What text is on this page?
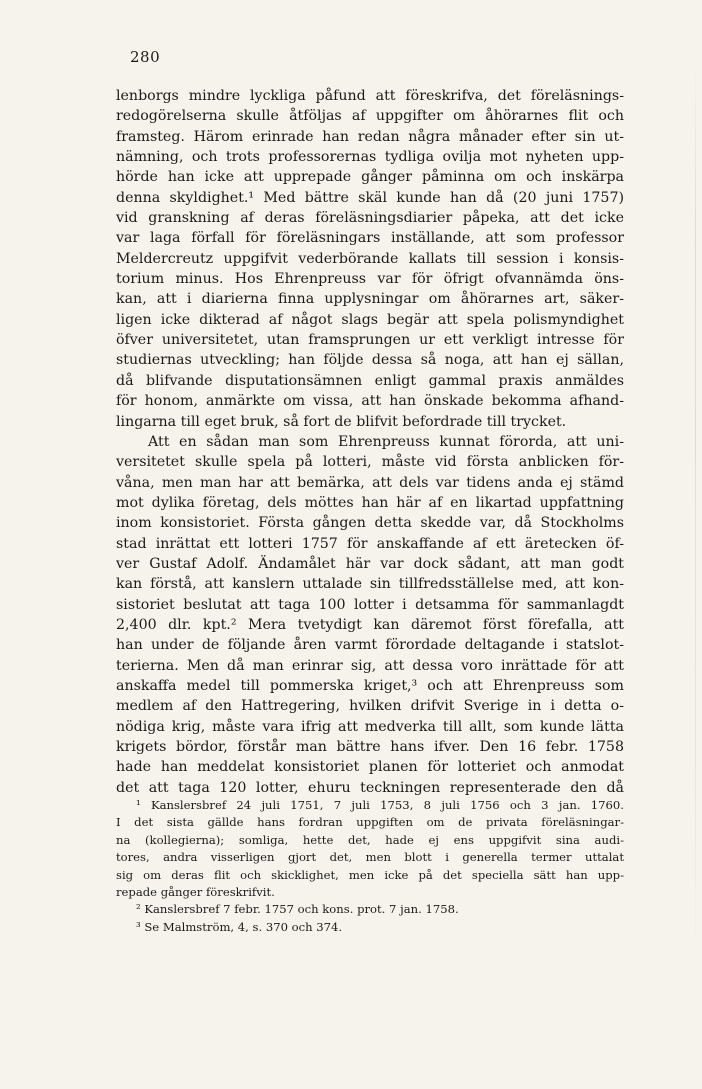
280
lenborgs mindre lyckliga påfund att föreskrifva, det föreläsnings-
redogörelserna skulle åtföljas af uppgifter om åhörarnes flit och
framsteg. Härom erinrade han redan några månader efter sin ut-
nämning, och trots professorernas tydliga ovilja mot nyheten upp-
hörde han icke att upprepade gånger påminna om och inskärpa
denna skyldighet.¹ Med bättre skäl kunde han då (20 juni 1757)
vid granskning af deras föreläsningsdiarier påpeka, att det icke
var laga förfall för föreläsningars inställande, att som professor
Meldercreutz uppgifvit vederbörande kallats till session i konsis-
torium minus. Hos Ehrenpreuss var för öfrigt ofvannämda öns-
kan, att i diarierna finna upplysningar om åhörarnes art, säker-
ligen icke dikterad af något slags begär att spela polismyndighet
öfver universitetet, utan framsprungen ur ett verkligt intresse för
studiernas utveckling; han följde dessa så noga, att han ej sällan,
då blifvande disputationsämnen enligt gammal praxis anmäldes
för honom, anmärkte om vissa, att han önskade bekomma afhand-
lingarna till eget bruk, så fort de blifvit befordrade till trycket.
Att en sådan man som Ehrenpreuss kunnat förorda, att uni-
versitetet skulle spela på lotteri, måste vid första anblicken för-
våna, men man har att bemärka, att dels var tidens anda ej stämd
mot dylika företag, dels möttes han här af en likartad uppfattning
inom konsistoriet. Första gången detta skedde var, då Stockholms
stad inrättat ett lotteri 1757 för anskaffande af ett äretecken öf-
ver Gustaf Adolf. Ändamålet här var dock sådant, att man godt
kan förstå, att kanslern uttalade sin tillfredsställelse med, att kon-
sistoriet beslutat att taga 100 lotter i detsamma för sammanlagdt
2,400 dlr. kpt.² Mera tvetydigt kan däremot först förefalla, att
han under de följande åren varmt förordade deltagande i statslot-
terierna. Men då man erinrar sig, att dessa voro inrättade för att
anskaffa medel till pommerska kriget,³ och att Ehrenpreuss som
medlem af den Hattregering, hvilken drifvit Sverige in i detta o-
nödiga krig, måste vara ifrig att medverka till allt, som kunde lätta
krigets bördor, förstår man bättre hans ifver. Den 16 febr. 1758
hade han meddelat konsistoriet planen för lotteriet och anmodat
det att taga 120 lotter, ehuru teckningen representerade den då
¹ Kanslersbref 24 juli 1751, 7 juli 1753, 8 juli 1756 och 3 jan. 1760.
I det sista gällde hans fordran uppgiften om de privata föreläsningar-
na (kollegierna); somliga, hette det, hade ej ens uppgifvit sina audi-
tores, andra visserligen gjort det, men blott i generella termer uttalat
sig om deras flit och skicklighet, men icke på det speciella sätt han upp-
repade gånger föreskrifvit.
² Kanslersbref 7 febr. 1757 och kons. prot. 7 jan. 1758.
³ Se Malmström, 4, s. 370 och 374.
